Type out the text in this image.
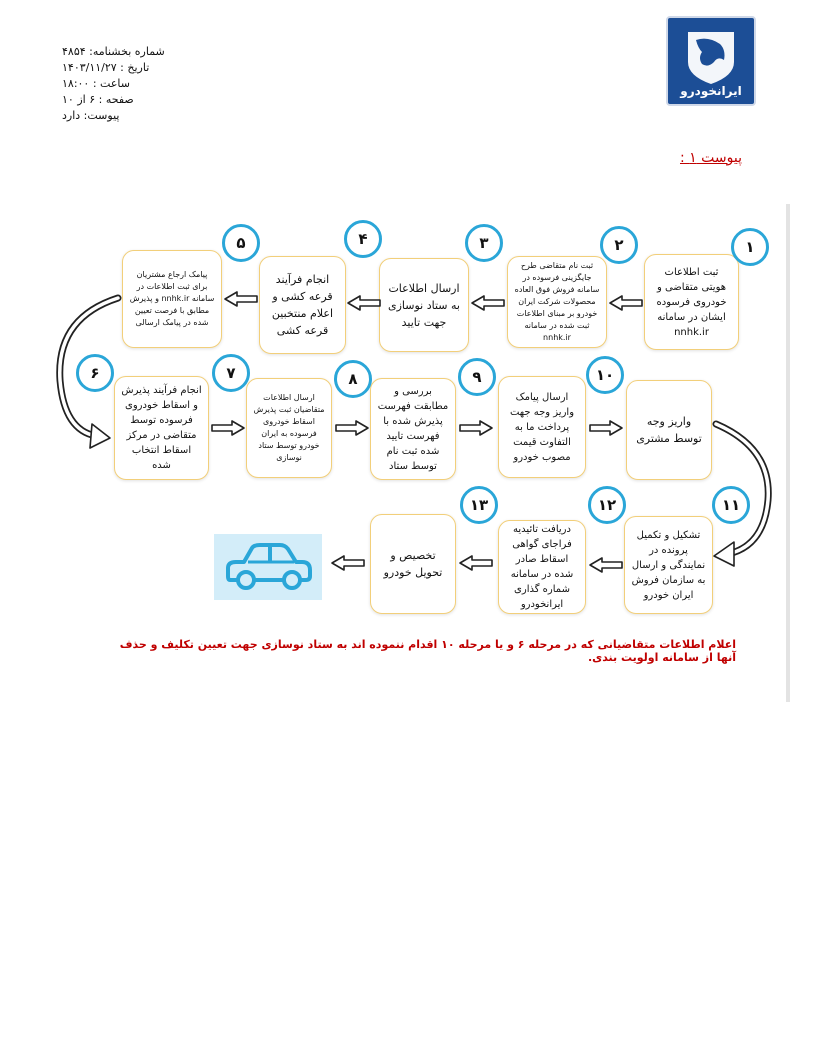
شماره بخشنامه: ۴۸۵۴
تاریخ : ۱۴۰۳/۱۱/۲۷
ساعت : ۱۸:۰۰
صفحه : ۶ از ۱۰
پیوست: دارد
ایرانخودرو
پیوست ۱ :
ثبت اطلاعات هویتی متقاضی و خودروی فرسوده ایشان در سامانه nnhk.ir
ثبت نام متقاضی طرح جایگزینی فرسوده در سامانه فروش فوق العاده محصولات شرکت ایران خودرو بر مبنای اطلاعات ثبت شده در سامانه nnhk.ir
ارسال اطلاعات به ستاد نوسازی جهت تایید
انجام فرآیند قرعه کشی و اعلام منتخبین قرعه کشی
پیامک ارجاع مشتریان برای ثبت اطلاعات در سامانه nnhk.ir و پذیرش مطابق با فرصت تعیین شده در پیامک ارسالی
انجام فرآیند پذیرش و اسقاط خودروی فرسوده توسط متقاضی در مرکز اسقاط انتخاب شده
ارسال اطلاعات متقاضیان ثبت پذیرش اسقاط خودروی فرسوده به ایران خودرو توسط ستاد نوسازی
بررسی و مطابقت فهرست پذیرش شده با فهرست تایید شده ثبت نام توسط ستاد
ارسال پیامک واریز وجه جهت پرداخت ما به التفاوت قیمت مصوب خودرو
واریز وجه توسط مشتری
تشکیل و تکمیل پرونده در نمایندگی و ارسال به سازمان فروش ایران خودرو
دریافت تائیدیه فراجای گواهی اسقاط صادر شده در سامانه شماره گذاری ایرانخودرو
تخصیص و تحویل خودرو
۱
۲
۳
۴
۵
۶	۷	۸	۹	۱۰
۱۱
۱۲
۱۳
اعلام اطلاعات متقاضیانی که در مرحله ۶ و یا مرحله ۱۰ اقدام ننموده اند به ستاد نوسازی جهت تعیین تکلیف و حذف آنها از سامانه اولویت بندی.
